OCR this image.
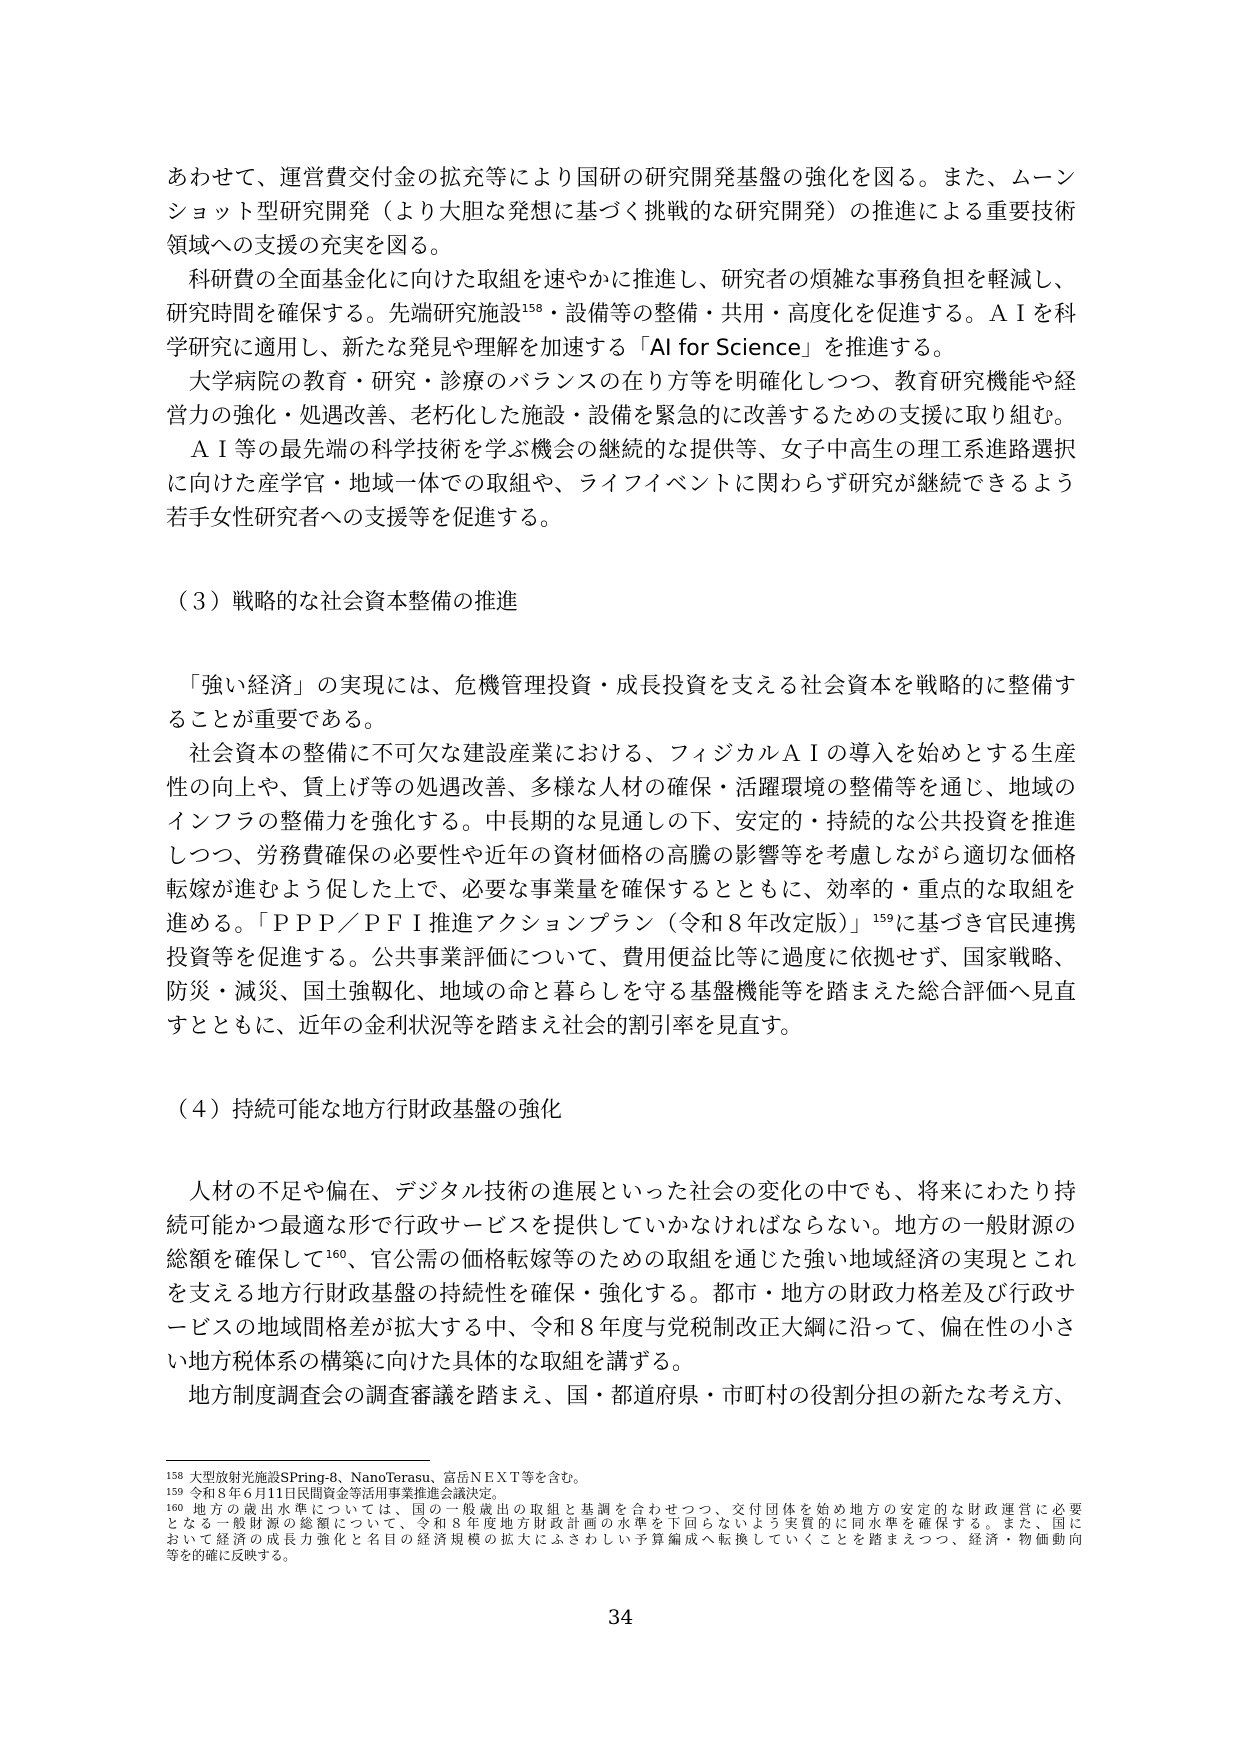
あわせて、運営費交付金の拡充等により国研の研究開発基盤の強化を図る。また、ムーン
ショット型研究開発（より大胆な発想に基づく挑戦的な研究開発）の推進による重要技術
領域への支援の充実を図る。
　科研費の全面基金化に向けた取組を速やかに推進し、研究者の煩雑な事務負担を軽減し、
研究時間を確保する。先端研究施設$^{158}$・設備等の整備・共用・高度化を促進する。ＡＩを科
学研究に適用し、新たな発見や理解を加速する「AI for Science」を推進する。
　大学病院の教育・研究・診療のバランスの在り方等を明確化しつつ、教育研究機能や経
営力の強化・処遇改善、老朽化した施設・設備を緊急的に改善するための支援に取り組む。
　ＡＩ等の最先端の科学技術を学ぶ機会の継続的な提供等、女子中高生の理工系進路選択
に向けた産学官・地域一体での取組や、ライフイベントに関わらず研究が継続できるよう
若手女性研究者への支援等を促進する。
（３）戦略的な社会資本整備の推進
　「強い経済」の実現には、危機管理投資・成長投資を支える社会資本を戦略的に整備す
ることが重要である。
　社会資本の整備に不可欠な建設産業における、フィジカルＡＩの導入を始めとする生産
性の向上や、賃上げ等の処遇改善、多様な人材の確保・活躍環境の整備等を通じ、地域の
インフラの整備力を強化する。中長期的な見通しの下、安定的・持続的な公共投資を推進
しつつ、労務費確保の必要性や近年の資材価格の高騰の影響等を考慮しながら適切な価格
転嫁が進むよう促した上で、必要な事業量を確保するとともに、効率的・重点的な取組を
進める。「ＰＰＰ／ＰＦＩ推進アクションプラン（令和８年改定版）」$^{159}$に基づき官民連携
投資等を促進する。公共事業評価について、費用便益比等に過度に依拠せず、国家戦略、
防災・減災、国土強靱化、地域の命と暮らしを守る基盤機能等を踏まえた総合評価へ見直
すとともに、近年の金利状況等を踏まえ社会的割引率を見直す。
（４）持続可能な地方行財政基盤の強化
　人材の不足や偏在、デジタル技術の進展といった社会の変化の中でも、将来にわたり持
続可能かつ最適な形で行政サービスを提供していかなければならない。地方の一般財源の
総額を確保して$^{160}$、官公需の価格転嫁等のための取組を通じた強い地域経済の実現とこれ
を支える地方行財政基盤の持続性を確保・強化する。都市・地方の財政力格差及び行政サ
ービスの地域間格差が拡大する中、令和８年度与党税制改正大綱に沿って、偏在性の小さ
い地方税体系の構築に向けた具体的な取組を講ずる。
　地方制度調査会の調査審議を踏まえ、国・都道府県・市町村の役割分担の新たな考え方、
$^{158}$ 大型放射光施設SPring-8、NanoTerasu、富岳ＮＥＸＴ等を含む。
$^{159}$ 令和８年６月11日民間資金等活用事業推進会議決定。
$^{160}$ 地方の歳出水準については、国の一般歳出の取組と基調を合わせつつ、交付団体を始め地方の安定的な財政運営に必要
となる一般財源の総額について、令和８年度地方財政計画の水準を下回らないよう実質的に同水準を確保する。また、国に
おいて経済の成長力強化と名目の経済規模の拡大にふさわしい予算編成へ転換していくことを踏まえつつ、経済・物価動向
等を的確に反映する。
34
